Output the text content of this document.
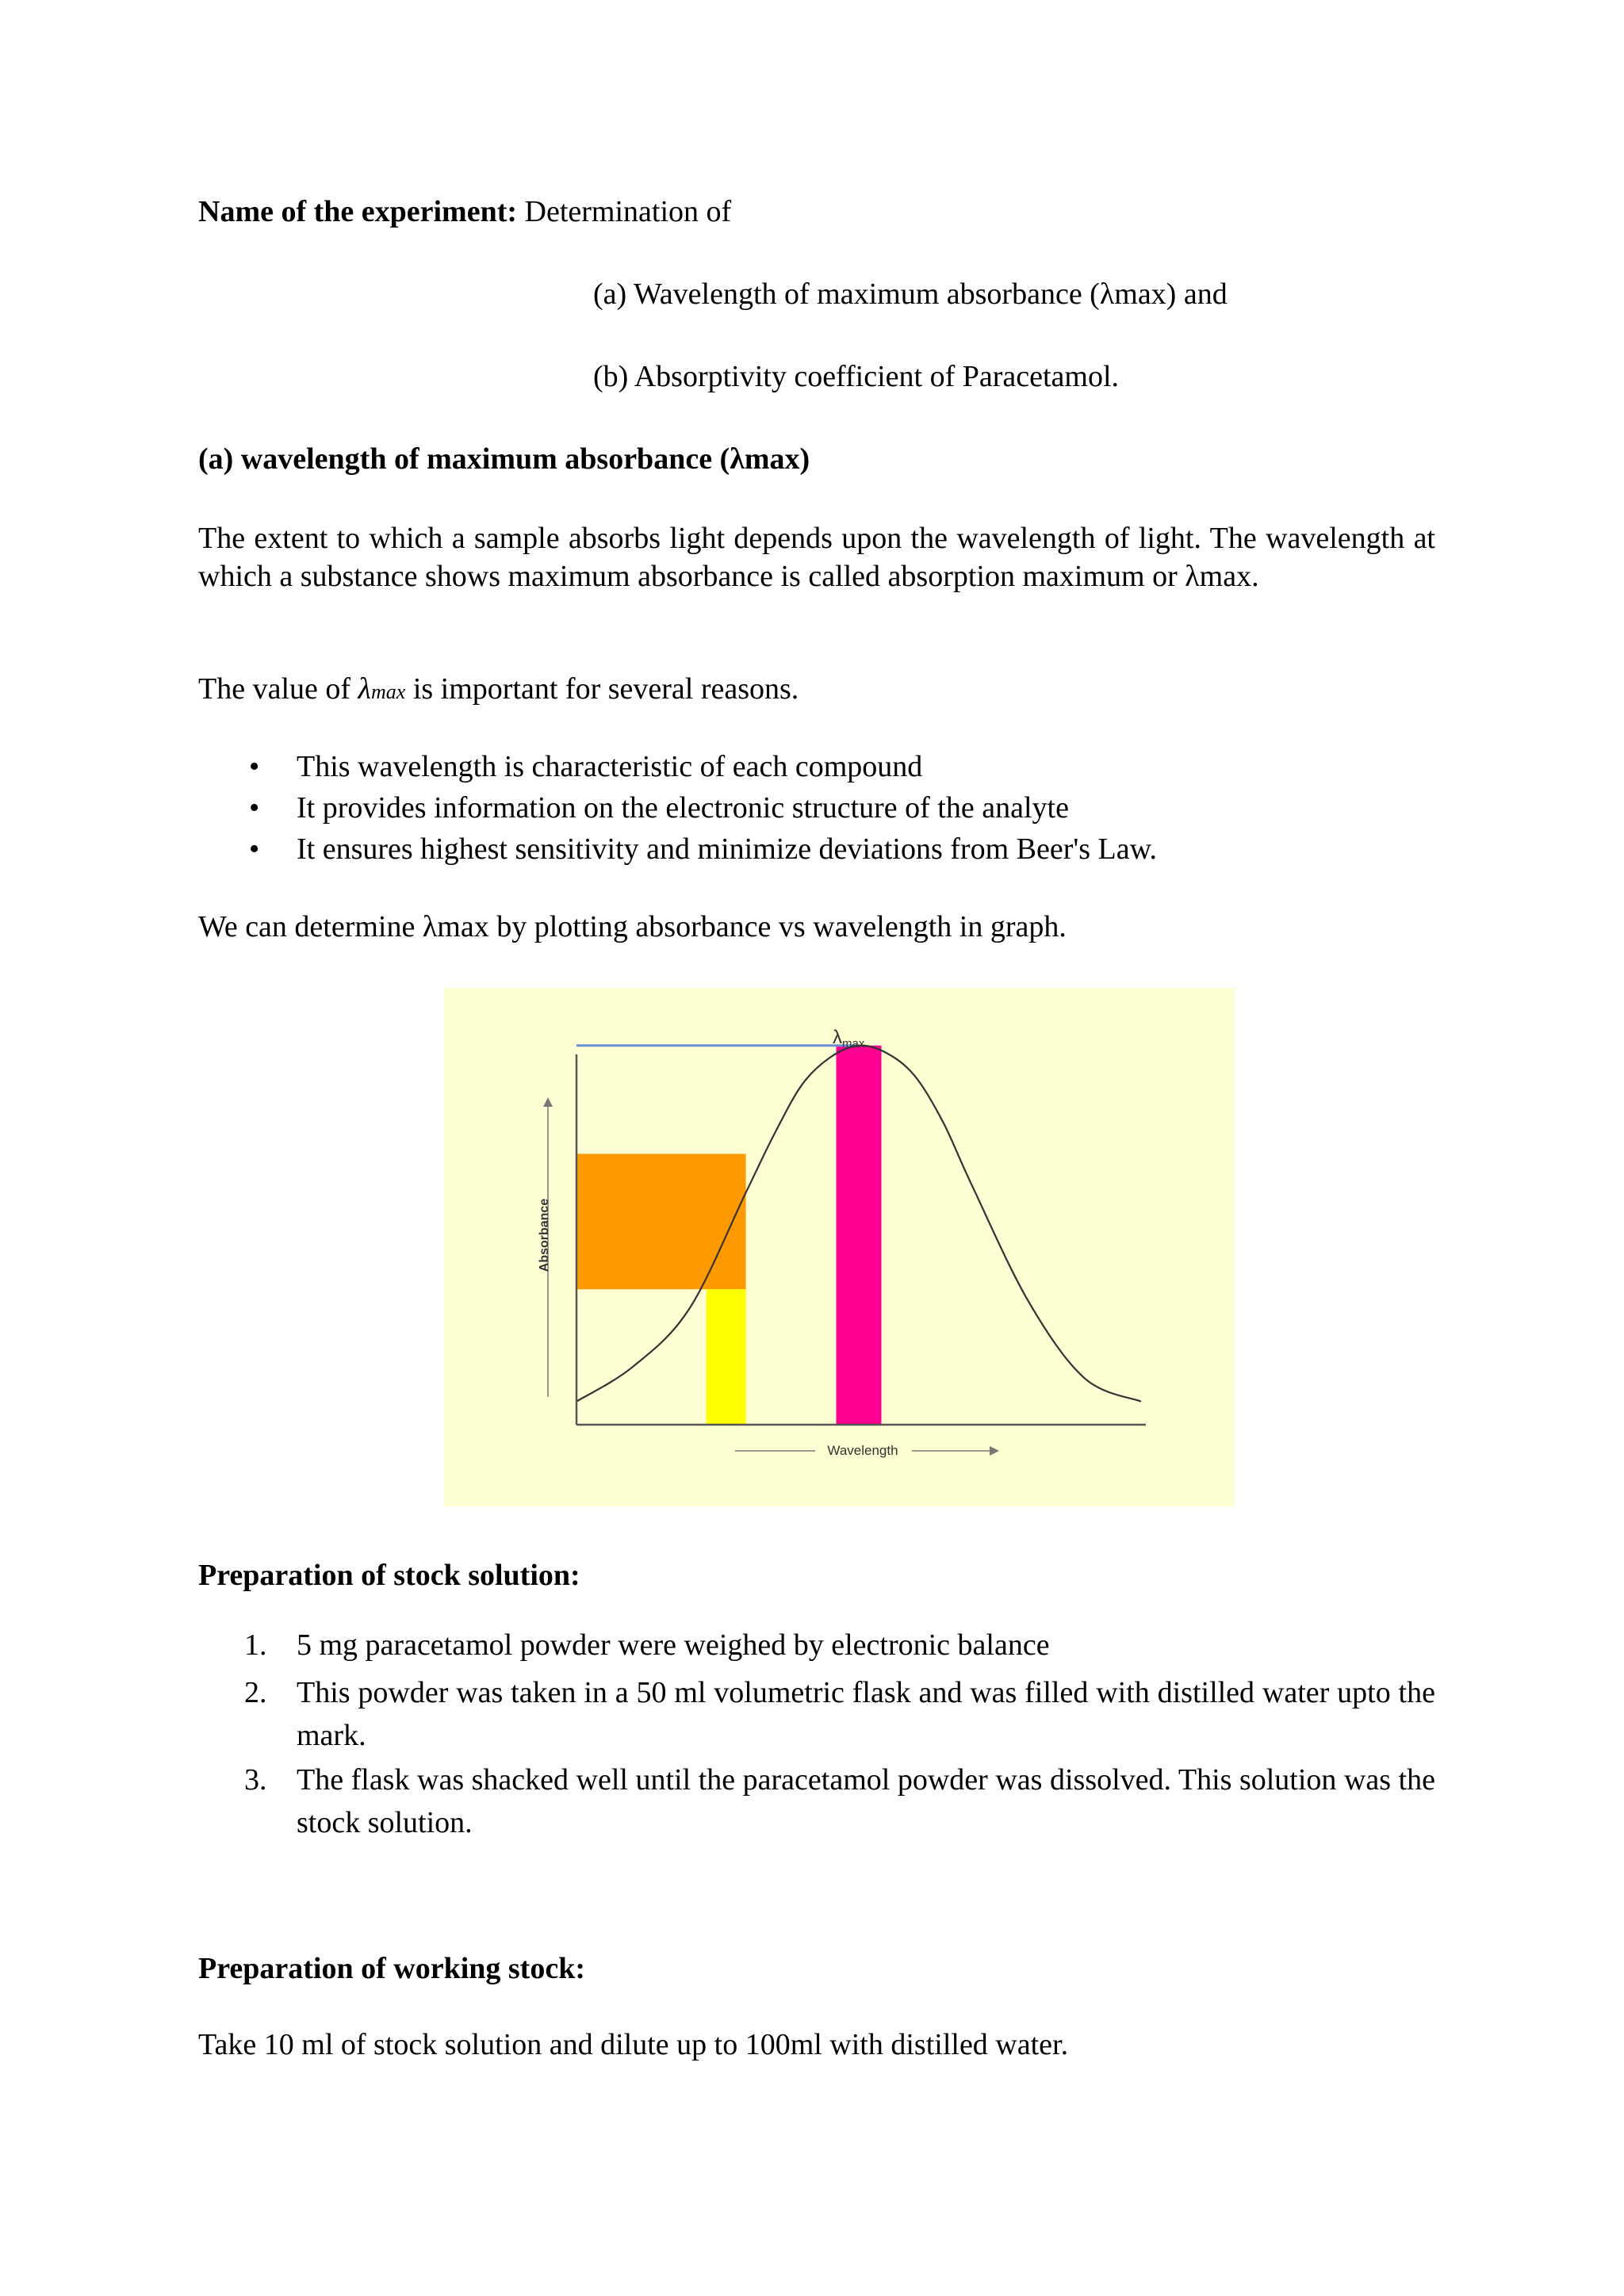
Name of the experiment: Determination of

(a) Wavelength of maximum absorbance (λmax) and

(b) Absorptivity coefficient of Paracetamol.

(a) wavelength of maximum absorbance (λmax)

The extent to which a sample absorbs light depends upon the wavelength of light. The wavelength at which a substance shows maximum absorbance is called absorption maximum or λmax.

The value of λmax is important for several reasons.

• This wavelength is characteristic of each compound
• It provides information on the electronic structure of the analyte
• It ensures highest sensitivity and minimize deviations from Beer's Law.

We can determine λmax by plotting absorbance vs wavelength in graph.

Absorbance
Wavelength
$\lambda_{max}$

Preparation of stock solution:

1. 5 mg paracetamol powder were weighed by electronic balance
2. This powder was taken in a 50 ml volumetric flask and was filled with distilled water upto the mark.
3. The flask was shacked well until the paracetamol powder was dissolved. This solution was the stock solution.

Preparation of working stock:

Take 10 ml of stock solution and dilute up to 100ml with distilled water.
